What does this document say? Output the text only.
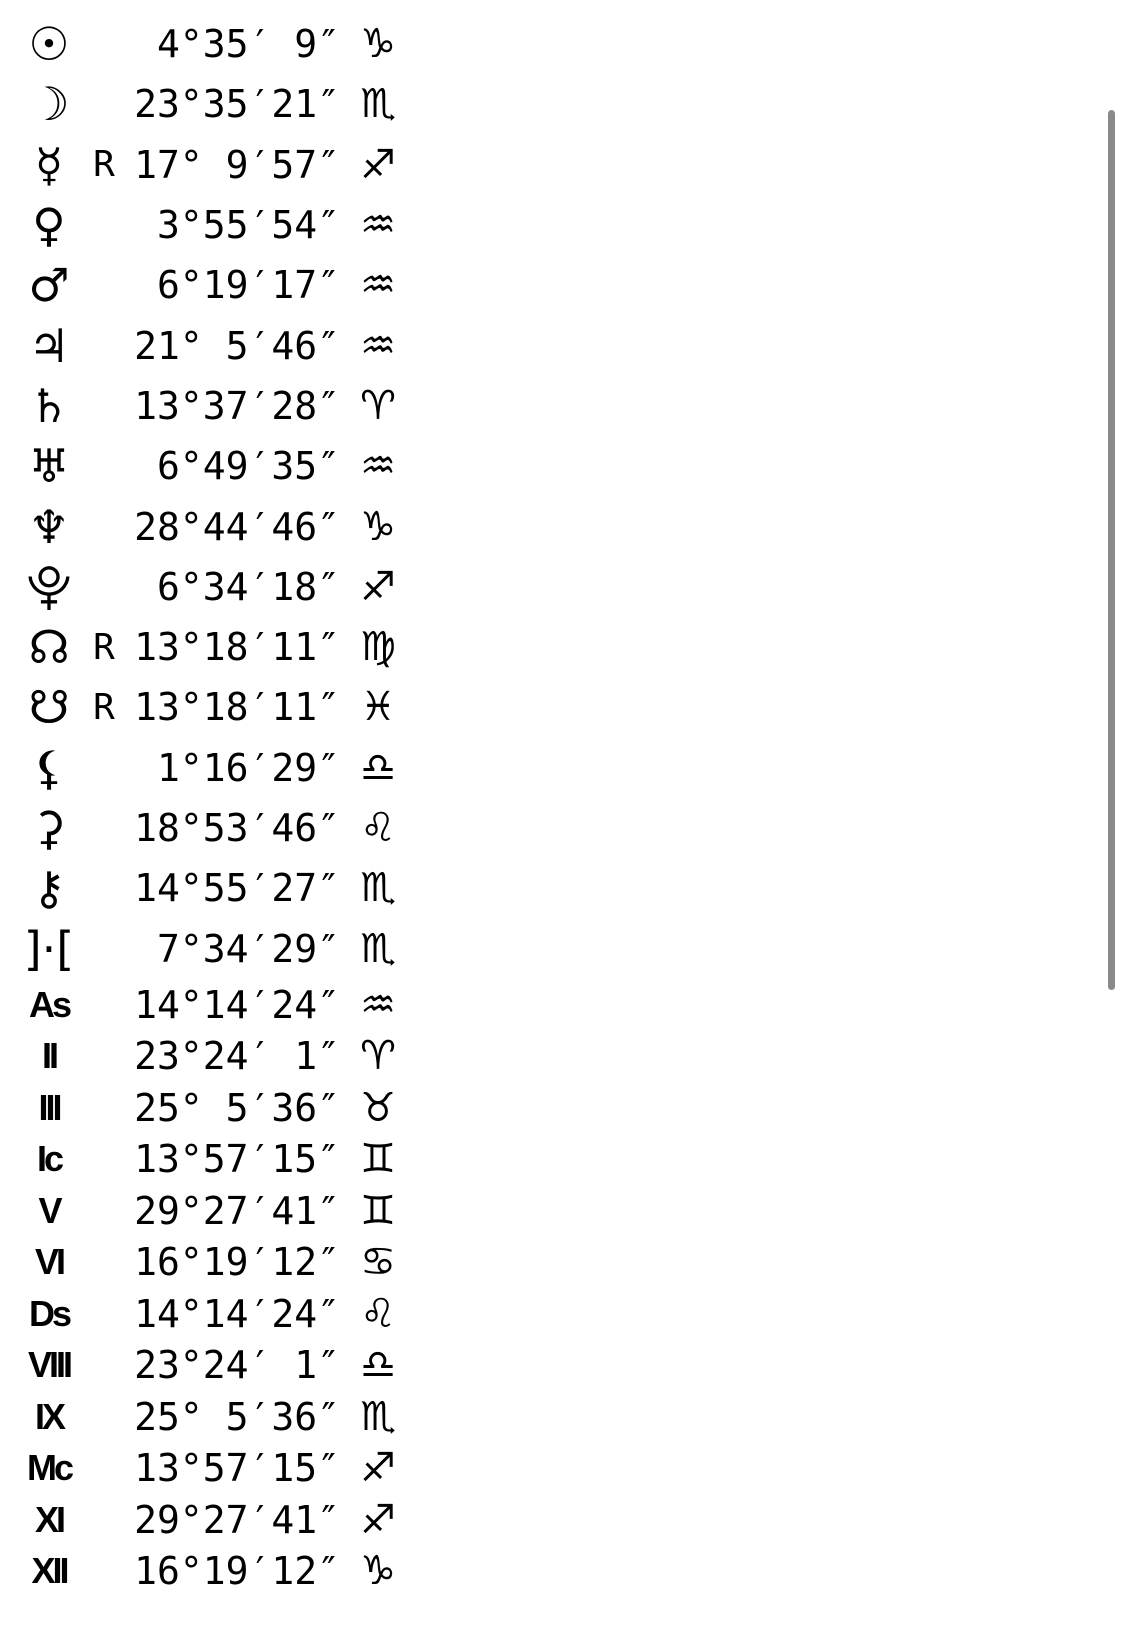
☉	4°35′ 9″ ♑
☽ 23°35′21″ ♏
☿ R 17° 9′57″ ♐
♀	3°55′54″ ♒
♂	6°19′17″ ♒
♃ 21° 5′46″ ♒
♄ 13°37′28″ ♈
♅	6°49′35″ ♒
♆ 28°44′46″ ♑
⯓	6°34′18″ ♐
☊ R 13°18′11″ ♍
☋ R 13°18′11″ ♓
⚸	1°16′29″ ♎
⚳	18°53′46″ ♌
⚷	14°55′27″ ♏
]·[	7°34′29″ ♏
As 14°14′24″ ♒
II	23°24′ 1″ ♈
III	25° 5′36″ ♉
Ic	13°57′15″ ♊
V	29°27′41″ ♊
VI	16°19′12″ ♋
Ds 14°14′24″ ♌
VIII 23°24′ 1″ ♎
IX	25° 5′36″ ♏
Mc 13°57′15″ ♐
XI	29°27′41″ ♐
XII	16°19′12″ ♑
